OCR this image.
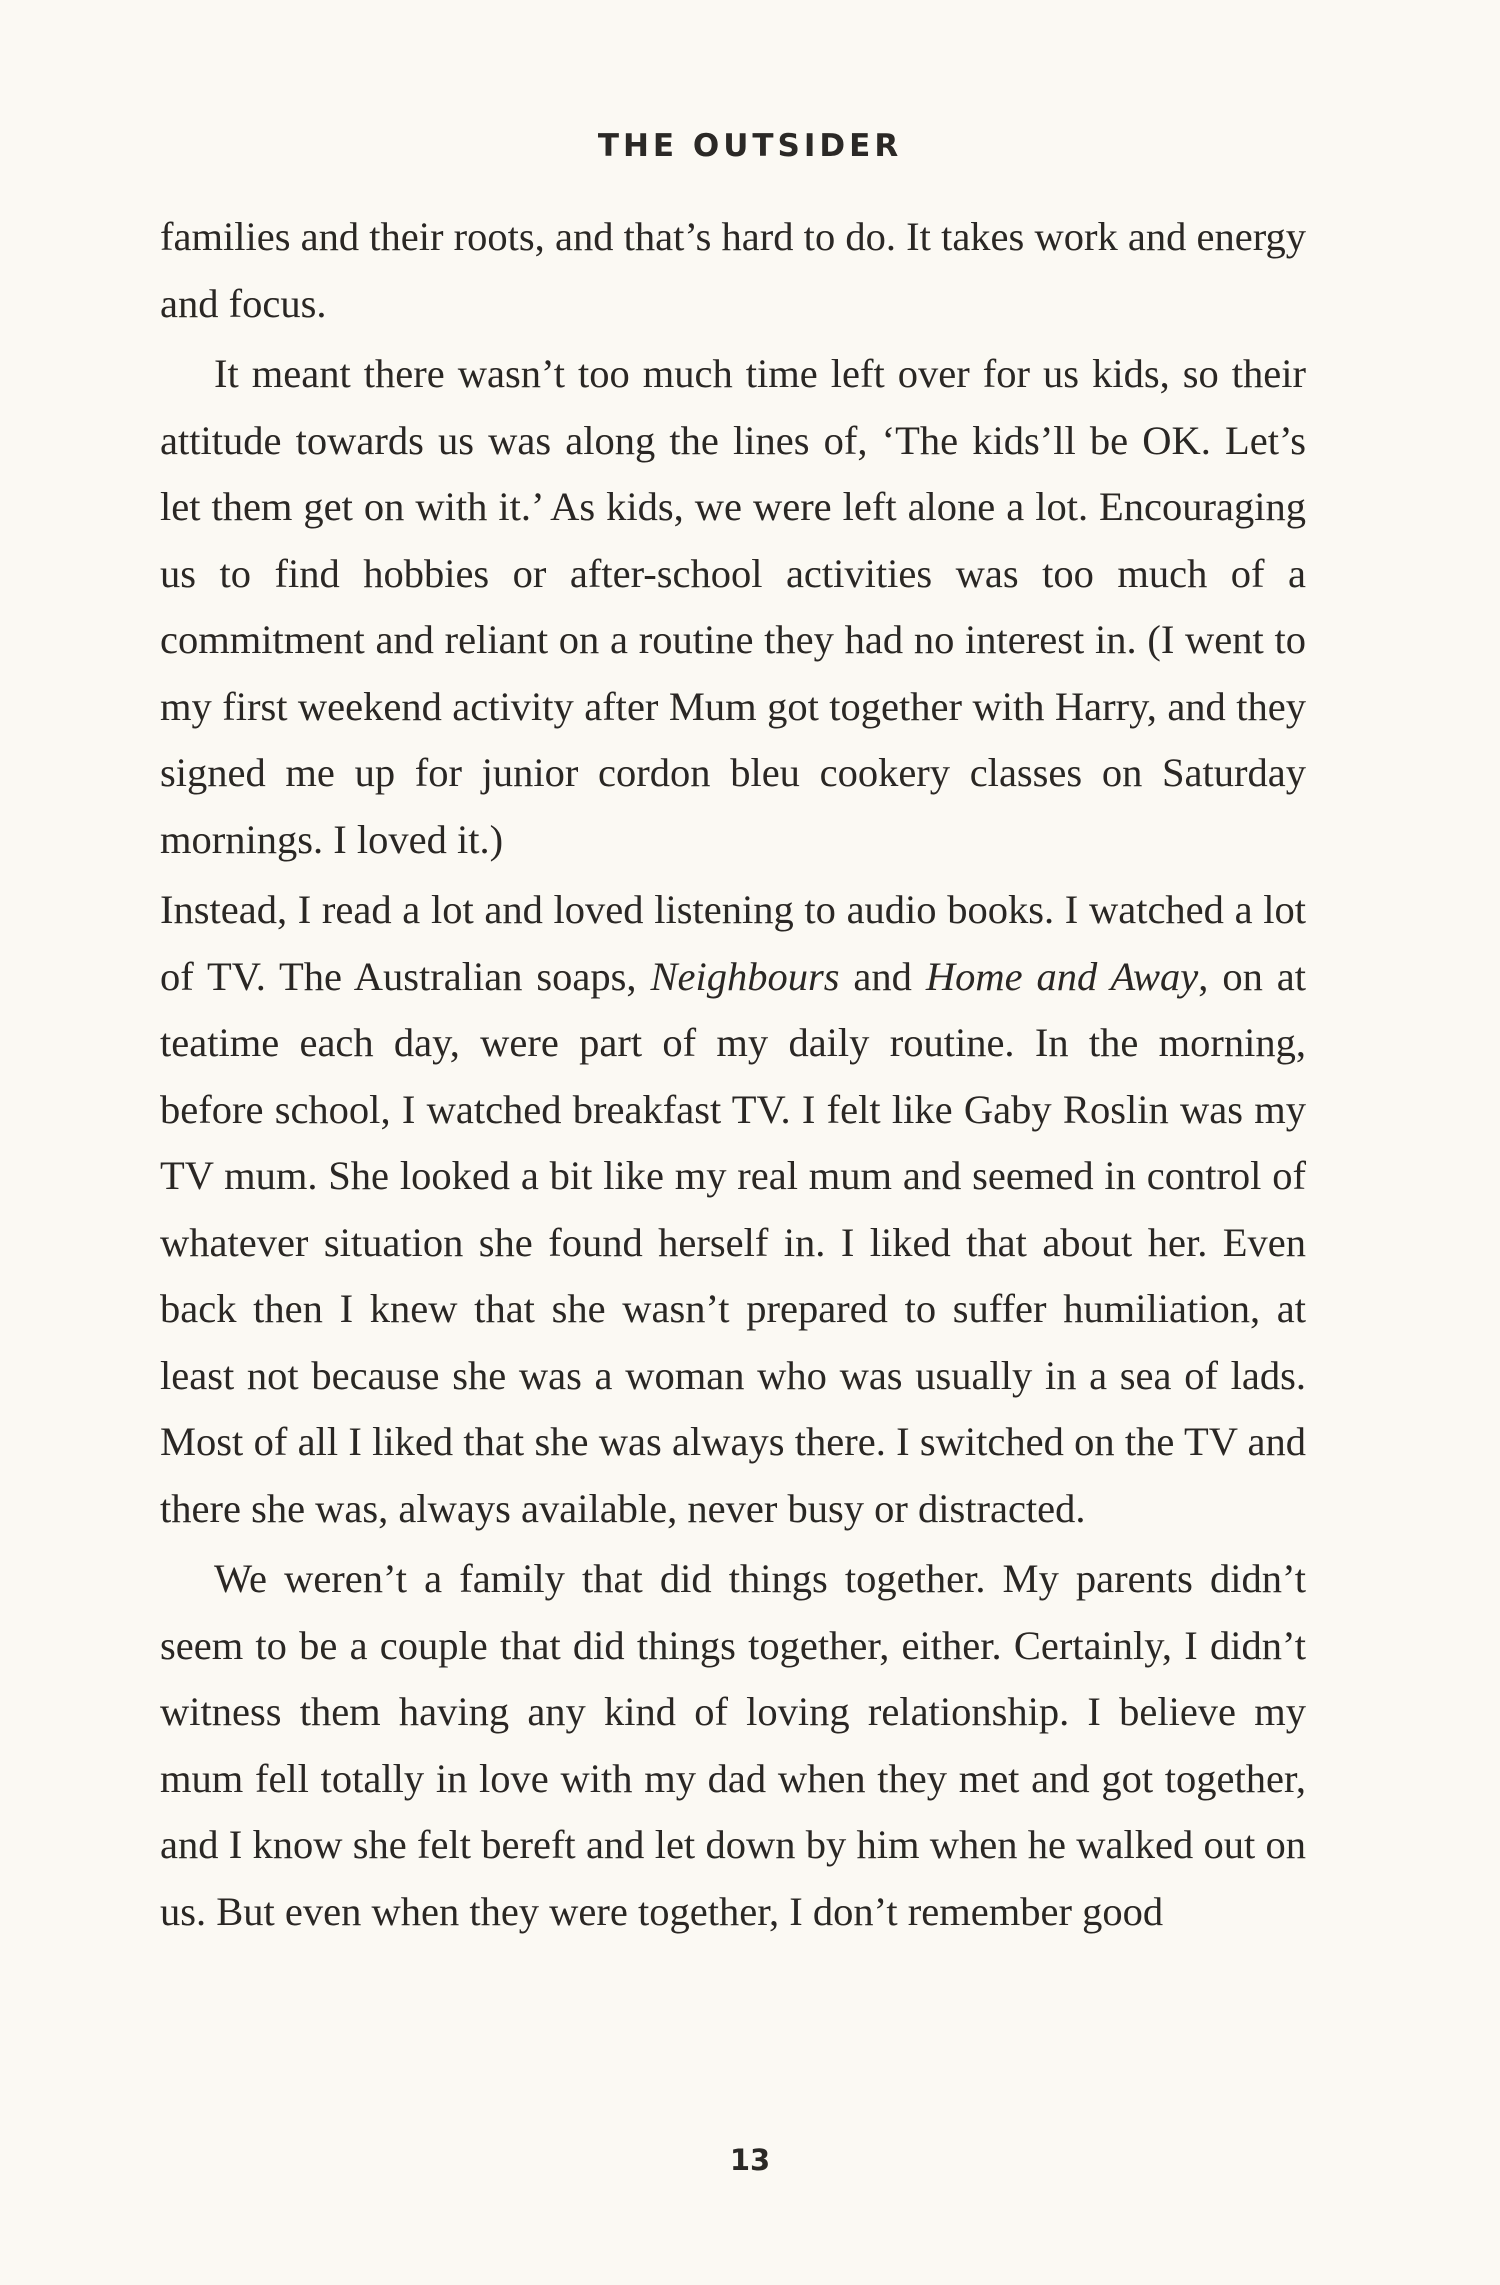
THE OUTSIDER

families and their roots, and that’s hard to do. It takes work and energy and focus.

It meant there wasn’t too much time left over for us kids, so their attitude towards us was along the lines of, ‘The kids’ll be OK. Let’s let them get on with it.’ As kids, we were left alone a lot. Encouraging us to find hobbies or after-school activities was too much of a commitment and reliant on a routine they had no interest in. (I went to my first weekend activity after Mum got together with Harry, and they signed me up for junior cordon bleu cookery classes on Saturday mornings. I loved it.)

Instead, I read a lot and loved listening to audio books. I watched a lot of TV. The Australian soaps, Neighbours and Home and Away, on at teatime each day, were part of my daily routine. In the morning, before school, I watched breakfast TV. I felt like Gaby Roslin was my TV mum. She looked a bit like my real mum and seemed in control of whatever situation she found herself in. I liked that about her. Even back then I knew that she wasn’t prepared to suffer humiliation, at least not because she was a woman who was usually in a sea of lads. Most of all I liked that she was always there. I switched on the TV and there she was, always available, never busy or distracted.

We weren’t a family that did things together. My parents didn’t seem to be a couple that did things together, either. Certainly, I didn’t witness them having any kind of loving relationship. I believe my mum fell totally in love with my dad when they met and got together, and I know she felt bereft and let down by him when he walked out on us. But even when they were together, I don’t remember good

13
